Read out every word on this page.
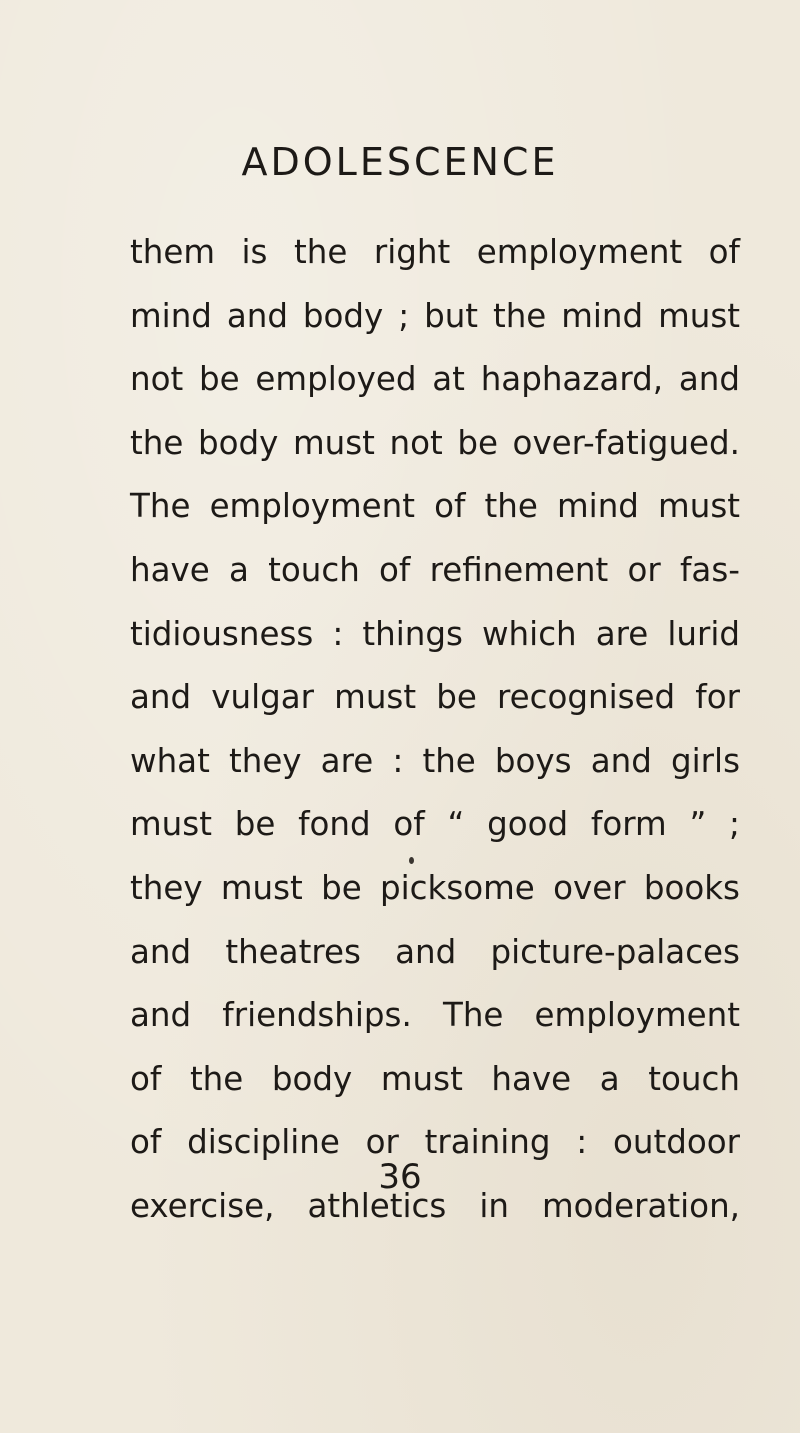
ADOLESCENCE
them is the right employment of
mind and body ; but the mind must
not be employed at haphazard, and
the body must not be over-fatigued.
The employment of the mind must
have a touch of refinement or fas-
tidiousness : things which are lurid
and vulgar must be recognised for
what they are : the boys and girls
must be fond of “ good form ” ;
they must be picksome over books
and theatres and picture-palaces
and friendships. The employment
of the body must have a touch
of discipline or training : outdoor
exercise, athletics in moderation,
36
